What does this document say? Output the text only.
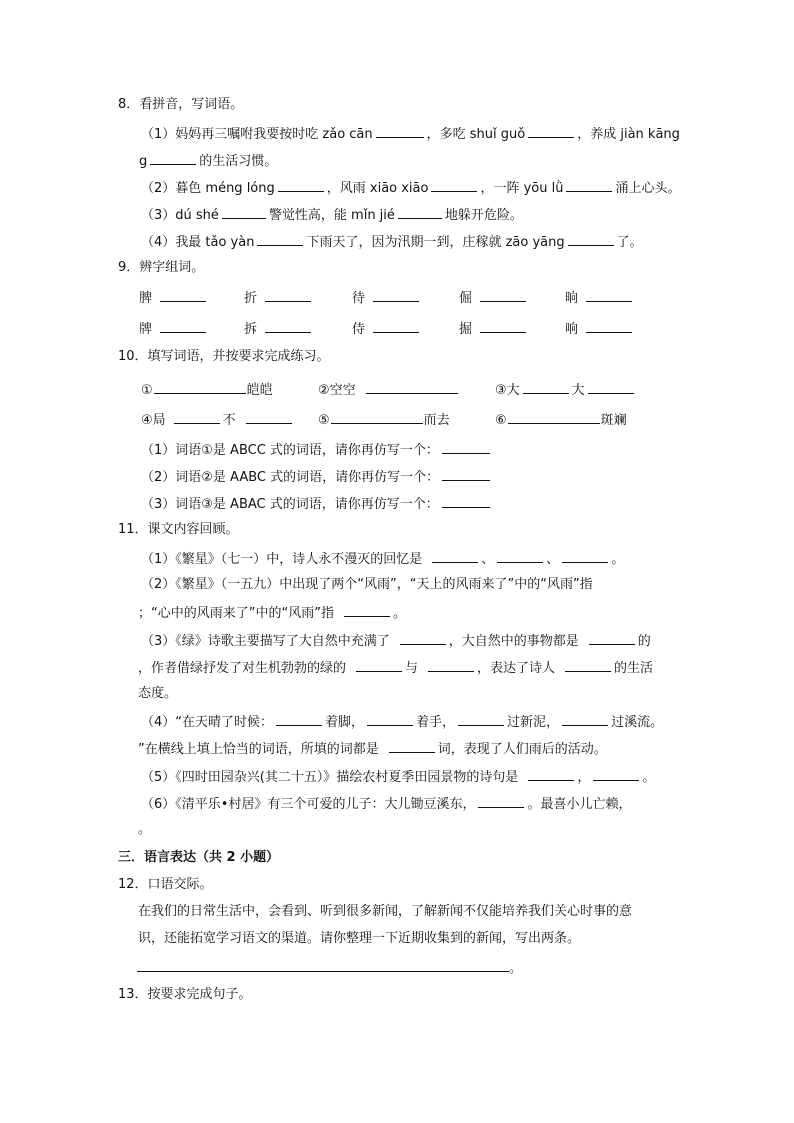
8．看拼音，写词语。
（1）妈妈再三嘱咐我要按时吃 zǎo cān	，多吃 shuǐ guǒ	，养成 jiàn kāng
g	的生活习惯。
（2）暮色 méng lóng	，风雨 xiāo xiāo	，一阵 yōu lǜ	涌上心头。
（3）dú shé	警觉性高，能 mǐn jié	地躲开危险。
（4）我最 tǎo yàn	下雨天了，因为汛期一到，庄稼就 zāo yāng	了。
9．辨字组词。
脾	折	待	倔	晌
牌	拆	侍	掘	响
10．填写词语，并按要求完成练习。
①	皑皑	②空空	③大	大
④局	不	⑤	而去	⑥	斑斓
（1）词语①是 ABCC 式的词语，请你再仿写一个：
（2）词语②是 AABC 式的词语，请你再仿写一个：
（3）词语③是 ABAC 式的词语，请你再仿写一个：
11．课文内容回顾。
（1）《繁星》（七一）中，诗人永不漫灭的回忆是	、	、	。
（2）《繁星》（一五九）中出现了两个“风雨”，“天上的风雨来了”中的“风雨”指
；“心中的风雨来了”中的“风雨”指	。
（3）《绿》诗歌主要描写了大自然中充满了	，大自然中的事物都是	的
，作者借绿抒发了对生机勃勃的绿的	与	，表达了诗人	的生活
态度。
（4）“在天晴了时候：	着脚，	着手，	过新泥，	过溪流。
”在横线上填上恰当的词语，所填的词都是	词，表现了人们雨后的活动。
（5）《四时田园杂兴(其二十五）》描绘农村夏季田园景物的诗句是	，	。
（6）《清平乐•村居》有三个可爱的儿子：大儿锄豆溪东，	。最喜小儿亡赖，
。
三．语言表达（共 2 小题）
12．口语交际。
在我们的日常生活中，会看到、听到很多新闻，了解新闻不仅能培养我们关心时事的意
识，还能拓宽学习语文的渠道。请你整理一下近期收集到的新闻，写出两条。
。
13．按要求完成句子。
